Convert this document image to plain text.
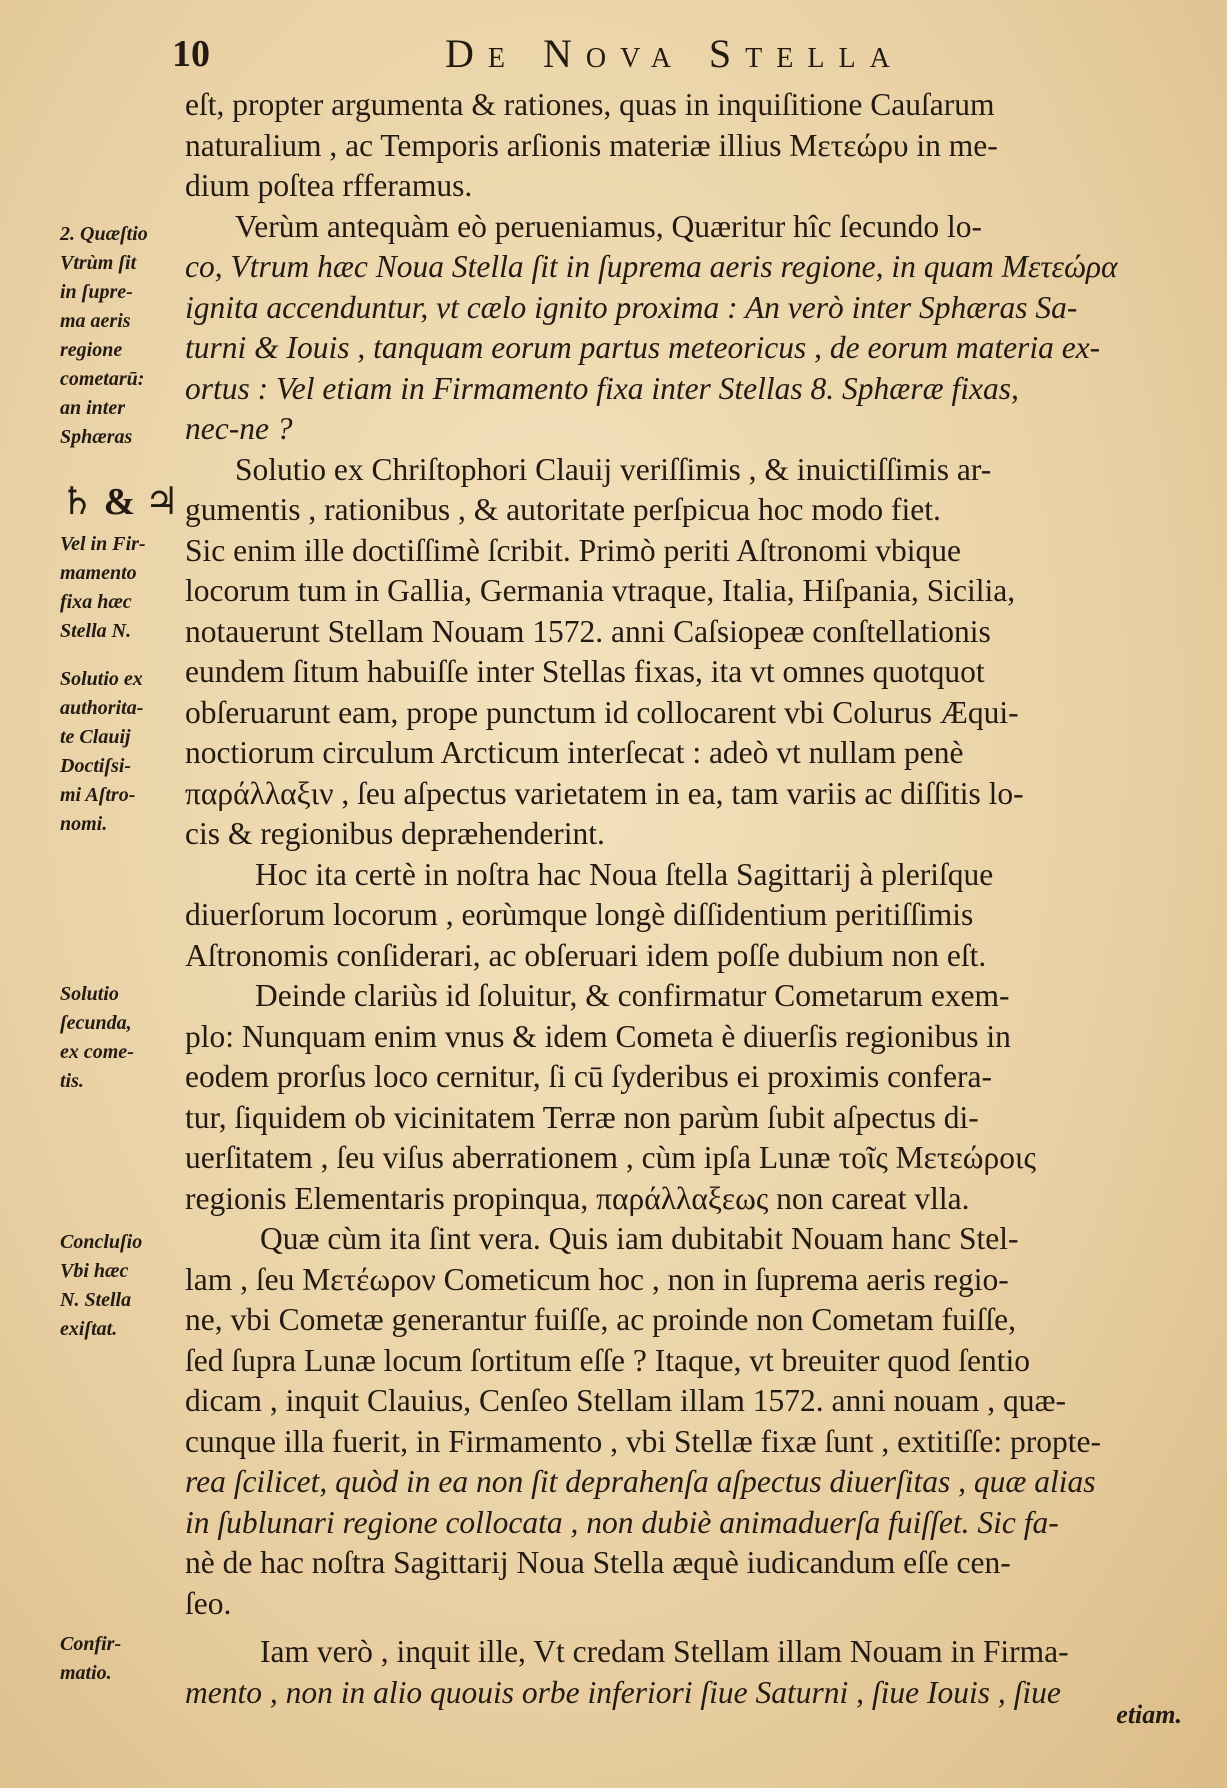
10	De Nova Stella
eſt, propter argumenta & rationes, quas in inquiſitione Cauſarum
naturalium , ac Temporis arſionis materiæ illius Μετεώρυ in me-
dium poſtea rfferamus.
Verùm antequàm eò perueniamus, Quæritur hîc ſecundo lo-
co, Vtrum hæc Noua Stella ſit in ſuprema aeris regione, in quam Μετεώρα
ignita accenduntur, vt cælo ignito proxima : An verò inter Sphæras Sa-
turni & Iouis , tanquam eorum partus meteoricus , de eorum materia ex-
ortus : Vel etiam in Firmamento fixa inter Stellas 8. Sphæræ fixas,
nec-ne ?
Solutio ex Chriſtophori Clauij veriſſimis , & inuictiſſimis ar-
gumentis , rationibus , & autoritate perſpicua hoc modo fiet.
Sic enim ille doctiſſimè ſcribit. Primò periti Aſtronomi vbique
locorum tum in Gallia, Germania vtraque, Italia, Hiſpania, Sicilia,
notauerunt Stellam Nouam 1572. anni Caſsiopeæ conſtellationis
eundem ſitum habuiſſe inter Stellas fixas, ita vt omnes quotquot
obſeruarunt eam, prope punctum id collocarent vbi Colurus Æqui-
noctiorum circulum Arcticum interſecat : adeò vt nullam penè
παράλλαξιν , ſeu aſpectus varietatem in ea, tam variis ac diſſitis lo-
cis & regionibus depræhenderint.
Hoc ita certè in noſtra hac Noua ſtella Sagittarij à pleriſque
diuerſorum locorum , eorùmque longè diſſidentium peritiſſimis
Aſtronomis conſiderari, ac obſeruari idem poſſe dubium non eſt.
Deinde clariùs id ſoluitur, & confirmatur Cometarum exem-
plo: Nunquam enim vnus & idem Cometa è diuerſis regionibus in
eodem prorſus loco cernitur, ſi cū ſyderibus ei proximis confera-
tur, ſiquidem ob vicinitatem Terræ non parùm ſubit aſpectus di-
uerſitatem , ſeu viſus aberrationem , cùm ipſa Lunæ τοῖς Μετεώροις
regionis Elementaris propinqua, παράλλαξεως non careat vlla.
Quæ cùm ita ſint vera. Quis iam dubitabit Nouam hanc Stel-
lam , ſeu Μετέωρον Cometicum hoc , non in ſuprema aeris regio-
ne, vbi Cometæ generantur fuiſſe, ac proinde non Cometam fuiſſe,
ſed ſupra Lunæ locum ſortitum eſſe ? Itaque, vt breuiter quod ſentio
dicam , inquit Clauius, Cenſeo Stellam illam 1572. anni nouam , quæ-
cunque illa fuerit, in Firmamento , vbi Stellæ fixæ ſunt , extitiſſe: propte-
rea ſcilicet, quòd in ea non ſit deprahenſa aſpectus diuerſitas , quæ alias
in ſublunari regione collocata , non dubiè animaduerſa fuiſſet. Sic fa-
nè de hac noſtra Sagittarij Noua Stella æquè iudicandum eſſe cen-
ſeo.
Iam verò , inquit ille, Vt credam Stellam illam Nouam in Firma-
mento , non in alio quouis orbe inferiori ſiue Saturni , ſiue Iouis , ſiue
2. Quæſtio
Vtrùm ſit
in ſupre-
ma aeris
regione
cometarū:
an inter
Sphæras
♄ & ♃
Vel in Fir-
mamento
fixa hæc
Stella N.
Solutio ex
authorita-
te Clauij
Doctiſsi-
mi Aſtro-
nomi.
Solutio
ſecunda,
ex come-
tis.
Concluſio
Vbi hæc
N. Stella
exiſtat.
Confir-
matio.
etiam.
